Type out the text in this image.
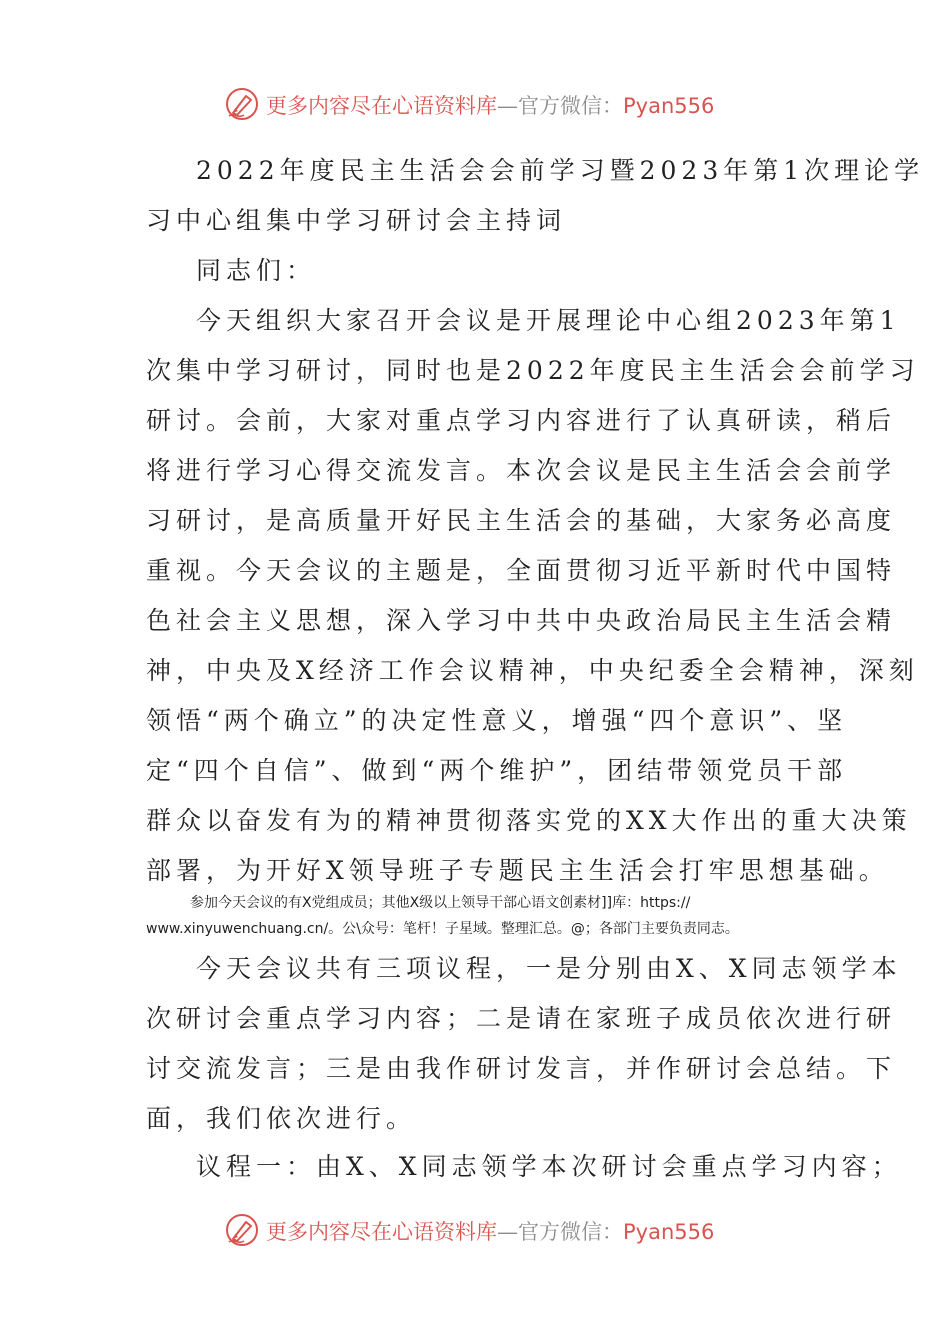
更多内容尽在心语资料库—官方微信：Pyan556
2022年度民主生活会会前学习暨2023年第1次理论学
习中心组集中学习研讨会主持词
同志们：
今天组织大家召开会议是开展理论中心组2023年第1
次集中学习研讨，同时也是2022年度民主生活会会前学习
研讨。会前，大家对重点学习内容进行了认真研读，稍后
将进行学习心得交流发言。本次会议是民主生活会会前学
习研讨，是高质量开好民主生活会的基础，大家务必高度
重视。今天会议的主题是，全面贯彻习近平新时代中国特
色社会主义思想，深入学习中共中央政治局民主生活会精
神，中央及X经济工作会议精神，中央纪委全会精神，深刻
领悟“两个确立”的决定性意义，增强“四个意识”、坚
定“四个自信”、做到“两个维护”，团结带领党员干部
群众以奋发有为的精神贯彻落实党的XX大作出的重大决策
部署，为开好X领导班子专题民主生活会打牢思想基础。
参加今天会议的有X党组成员；其他X级以上领导干部心语文创素材]]库：https://
www.xinyuwenchuang.cn/。公\众号：笔杆！子星域。整理汇总。@；各部门主要负责同志。
今天会议共有三项议程，一是分别由X、X同志领学本
次研讨会重点学习内容；二是请在家班子成员依次进行研
讨交流发言；三是由我作研讨发言，并作研讨会总结。下
面，我们依次进行。
议程一：由X、X同志领学本次研讨会重点学习内容；
更多内容尽在心语资料库—官方微信：Pyan556
